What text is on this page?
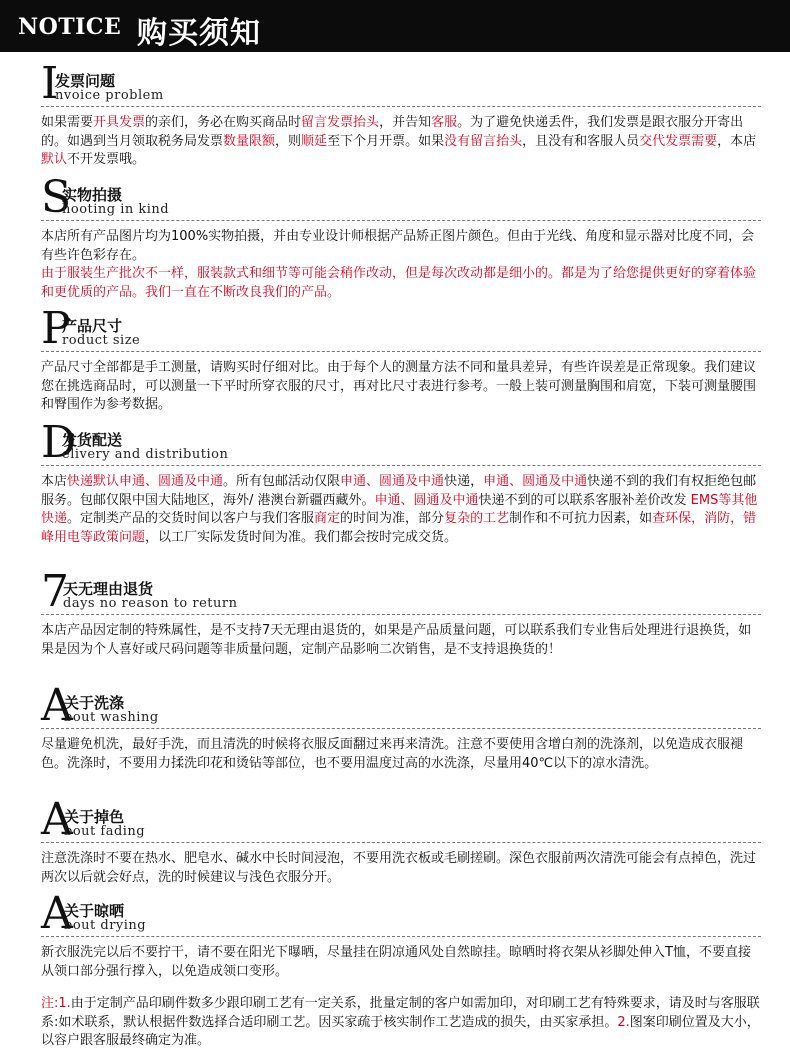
NOTICE 购买须知
I
发票问题
nvoice problem

如果需要开具发票的亲们，务必在购买商品时留言发票抬头，并告知客服。为了避免快递丢件，我们发票是跟衣服分开寄出的。如遇到当月领取税务局发票数量限额，则顺延至下个月开票。如果没有留言抬头，且没有和客服人员交代发票需要，本店默认不开发票哦。

S
实物拍摄
hooting in kind

本店所有产品图片均为100%实物拍摄，并由专业设计师根据产品矫正图片颜色。但由于光线、角度和显示器对比度不同，会有些许色彩存在。

由于服装生产批次不一样，服装款式和细节等可能会稍作改动，但是每次改动都是细小的。都是为了给您提供更好的穿着体验和更优质的产品。我们一直在不断改良我们的产品。

P
产品尺寸
roduct size

产品尺寸全部都是手工测量，请购买时仔细对比。由于每个人的测量方法不同和量具差异，有些许误差是正常现象。我们建议您在挑选商品时，可以测量一下平时所穿衣服的尺寸，再对比尺寸表进行参考。一般上装可测量胸围和肩宽，下装可测量腰围和臀围作为参考数据。

D
发货配送
elivery and distribution

本店快递默认申通、圆通及中通。所有包邮活动仅限申通、圆通及中通快递，申通、圆通及中通快递不到的我们有权拒绝包邮服务。包邮仅限中国大陆地区，海外/ 港澳台新疆西藏外。申通、圆通及中通快递不到的可以联系客服补差价改发 EMS等其他快递。定制类产品的交货时间以客户与我们客服商定的时间为准，部分复杂的工艺制作和不可抗力因素，如查环保，消防，错峰用电等政策问题，以工厂实际发货时间为准。我们都会按时完成交货。

7
天无理由退货
days no reason to return

本店产品因定制的特殊属性，是不支持7天无理由退货的，如果是产品质量问题，可以联系我们专业售后处理进行退换货，如果是因为个人喜好或尺码问题等非质量问题，定制产品影响二次销售，是不支持退换货的！

A
关于洗涤
bout washing

尽量避免机洗，最好手洗，而且清洗的时候将衣服反面翻过来再来清洗。注意不要使用含增白剂的洗涤剂，以免造成衣服褪色。洗涤时，不要用力揉洗印花和烫钻等部位，也不要用温度过高的水洗涤，尽量用40℃以下的凉水清洗。

A
关于掉色
bout fading

注意洗涤时不要在热水、肥皂水、碱水中长时间浸泡，不要用洗衣板或毛刷搓刷。深色衣服前两次清洗可能会有点掉色，洗过两次以后就会好点，洗的时候建议与浅色衣服分开。

A
关于晾晒
bout drying

新衣服洗完以后不要拧干，请不要在阳光下曝晒，尽量挂在阴凉通风处自然晾挂。晾晒时将衣架从衫脚处伸入T恤，不要直接从领口部分强行撑入，以免造成领口变形。

注:1.由于定制产品印刷件数多少跟印刷工艺有一定关系，批量定制的客户如需加印，对印刷工艺有特殊要求，请及时与客服联系:如术联系，默认根据件数选择合适印刷工艺。因买家疏于核实制作工艺造成的损失，由买家承担。2.图案印刷位置及大小，以容户跟客服最终确定为准。
